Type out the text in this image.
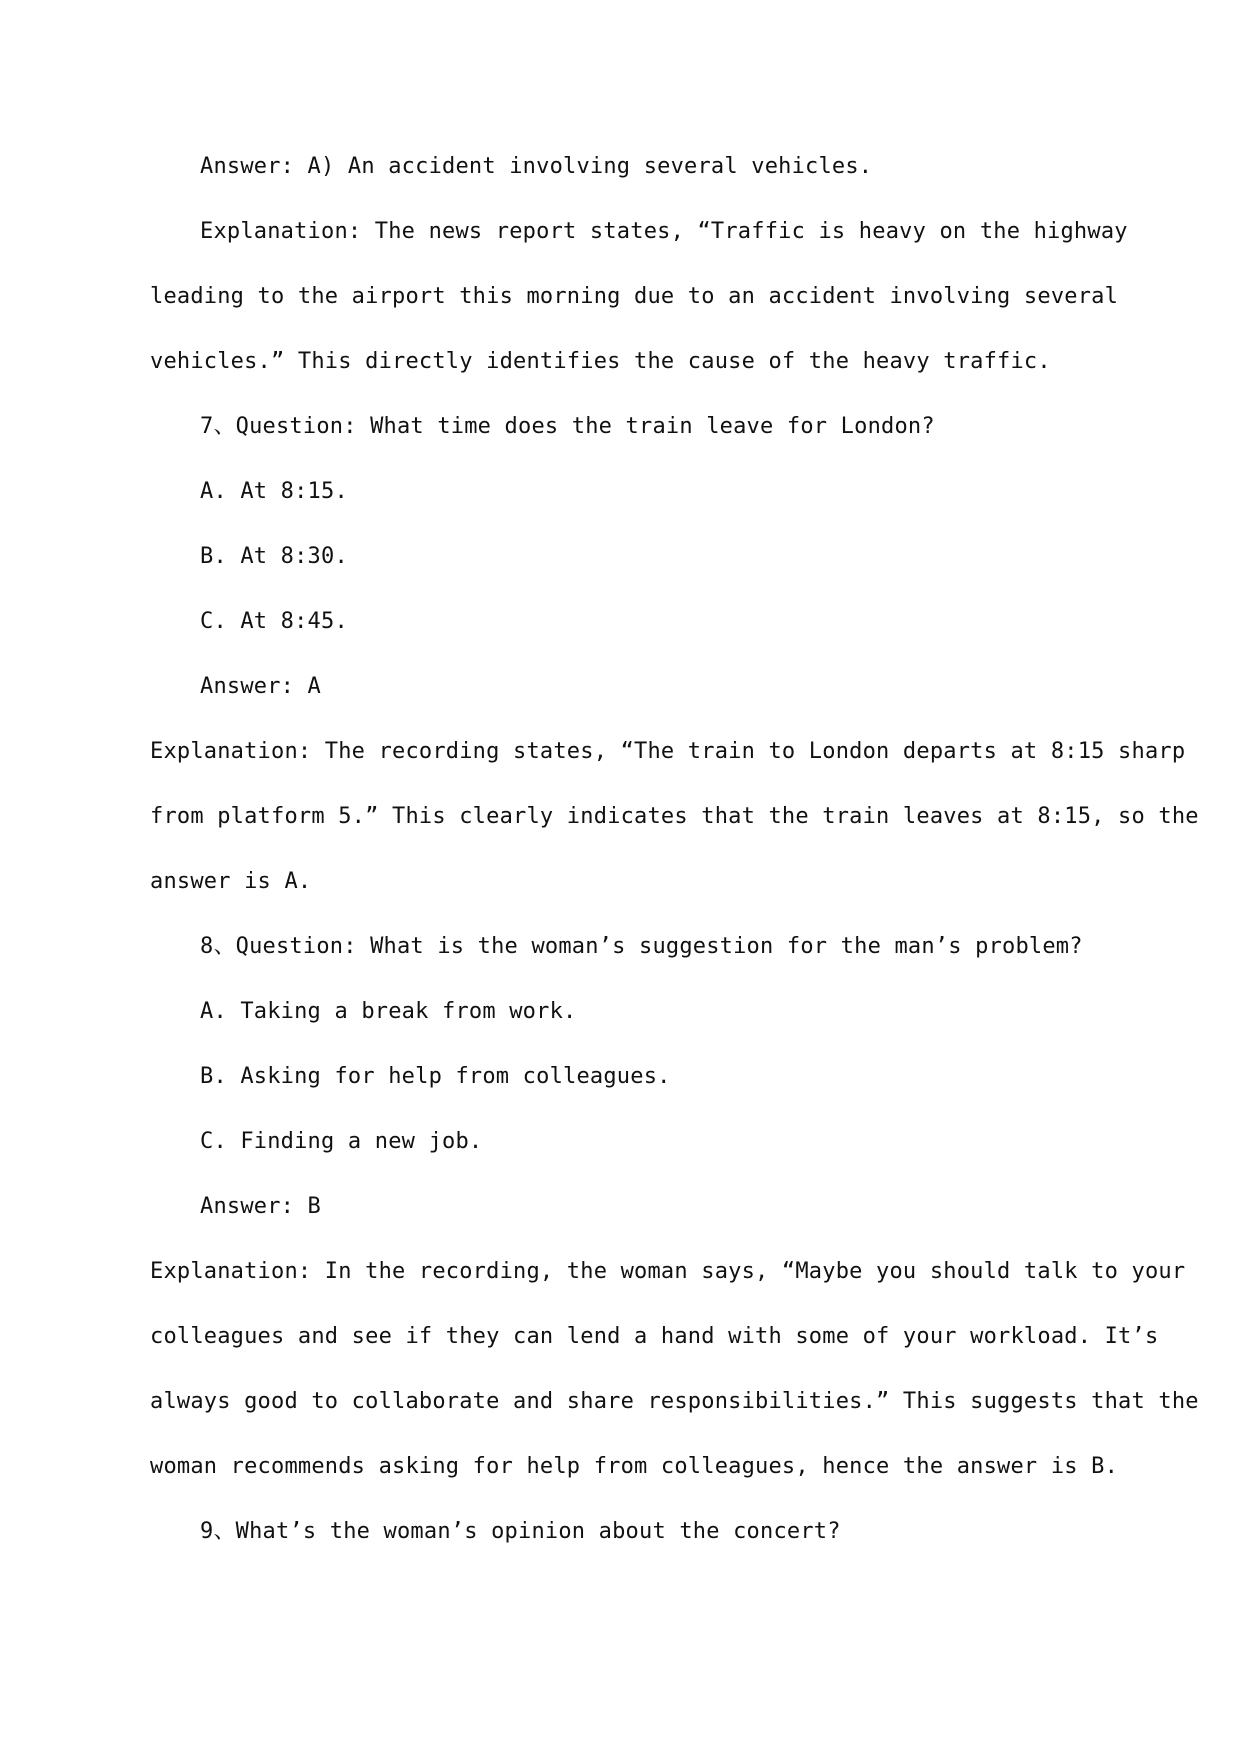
Answer: A) An accident involving several vehicles.
Explanation: The news report states, “Traffic is heavy on the highway
leading to the airport this morning due to an accident involving several
vehicles.” This directly identifies the cause of the heavy traffic.
7、Question: What time does the train leave for London?
A. At 8:15.
B. At 8:30.
C. At 8:45.
Answer: A
Explanation: The recording states, “The train to London departs at 8:15 sharp
from platform 5.” This clearly indicates that the train leaves at 8:15, so the
answer is A.
8、Question: What is the woman’s suggestion for the man’s problem?
A. Taking a break from work.
B. Asking for help from colleagues.
C. Finding a new job.
Answer: B
Explanation: In the recording, the woman says, “Maybe you should talk to your
colleagues and see if they can lend a hand with some of your workload. It’s
always good to collaborate and share responsibilities.” This suggests that the
woman recommends asking for help from colleagues, hence the answer is B.
9、What’s the woman’s opinion about the concert?
